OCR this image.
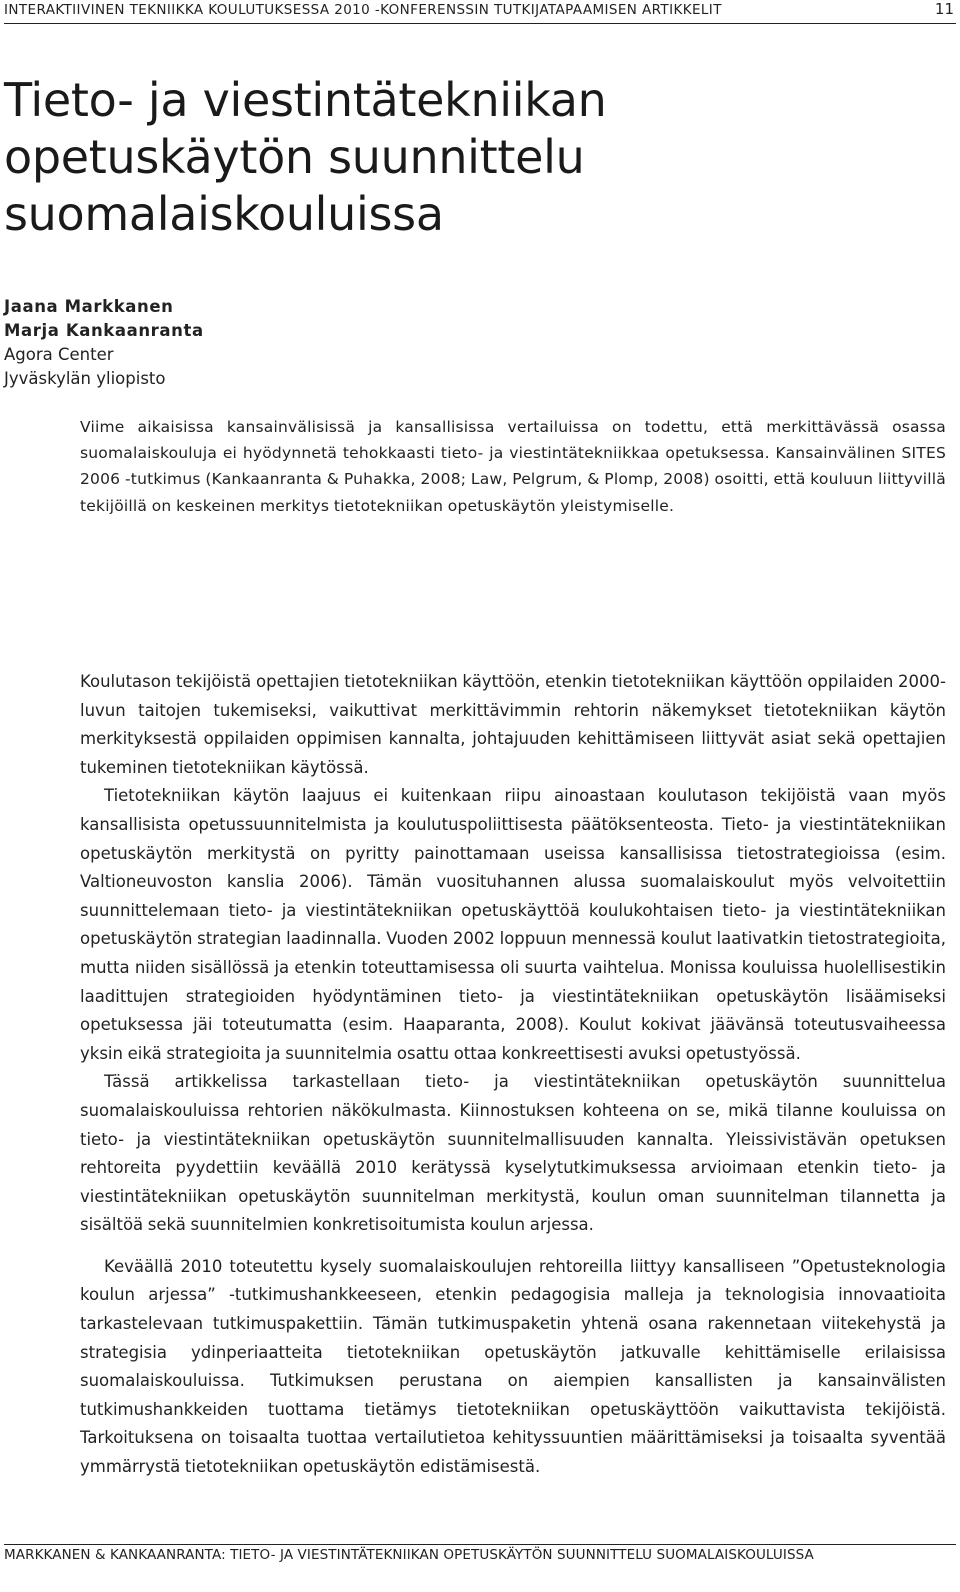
INTERAKTIIVINEN TEKNIIKKA KOULUTUKSESSA 2010 -KONFERENSSIN TUTKIJATAPAAMISEN ARTIKKELIT	11
Tieto- ja viestintätekniikan
opetuskäytön suunnittelu
suomalaiskouluissa
Jaana Markkanen
Marja Kankaanranta
Agora Center
Jyväskylän yliopisto

Viime aikaisissa kansainvälisissä ja kansallisissa vertailuissa on todettu, että merkittävässä osassa suomalaiskouluja ei hyödynnetä tehokkaasti tieto- ja viestintätekniikkaa opetuksessa. Kansainvälinen SITES 2006 -tutkimus (Kankaanranta & Puhakka, 2008; Law, Pelgrum, & Plomp, 2008) osoitti, että kouluun liittyvillä tekijöillä on keskeinen merkitys tietotekniikan opetuskäytön yleistymiselle.

Koulutason tekijöistä opettajien tietotekniikan käyttöön, etenkin tietotekniikan käyttöön oppilaiden 2000-luvun taitojen tukemiseksi, vaikuttivat merkittävimmin rehtorin näkemykset tietotekniikan käytön merkityksestä oppilaiden oppimisen kannalta, johtajuuden kehittämiseen liittyvät asiat sekä opettajien tukeminen tietotekniikan käytössä.

Tietotekniikan käytön laajuus ei kuitenkaan riipu ainoastaan koulutason tekijöistä vaan myös kansallisista opetussuunnitelmista ja koulutuspoliittisesta päätöksenteosta. Tieto- ja viestintätekniikan opetuskäytön merkitystä on pyritty painottamaan useissa kansallisissa tietostrategioissa (esim. Valtioneuvoston kanslia 2006). Tämän vuosituhannen alussa suomalaiskoulut myös velvoitettiin suunnittelemaan tieto- ja viestintätekniikan opetuskäyttöä koulukohtaisen tieto- ja viestintätekniikan opetuskäytön strategian laadinnalla. Vuoden 2002 loppuun mennessä koulut laativatkin tietostrategioita, mutta niiden sisällössä ja etenkin toteuttamisessa oli suurta vaihtelua. Monissa kouluissa huolellisestikin laadittujen strategioiden hyödyntäminen tieto- ja viestintätekniikan opetuskäytön lisäämiseksi opetuksessa jäi toteutumatta (esim. Haaparanta, 2008). Koulut kokivat jäävänsä toteutusvaiheessa yksin eikä strategioita ja suunnitelmia osattu ottaa konkreettisesti avuksi opetustyössä.

Tässä artikkelissa tarkastellaan tieto- ja viestintätekniikan opetuskäytön suunnittelua suomalaiskouluissa rehtorien näkökulmasta. Kiinnostuksen kohteena on se, mikä tilanne kouluissa on tieto- ja viestintätekniikan opetuskäytön suunnitelmallisuuden kannalta. Yleissivistävän opetuksen rehtoreita pyydettiin keväällä 2010 kerätyssä kyselytutkimuksessa arvioimaan etenkin tieto- ja viestintätekniikan opetuskäytön suunnitelman merkitystä, koulun oman suunnitelman tilannetta ja sisältöä sekä suunnitelmien konkretisoitumista koulun arjessa.

Keväällä 2010 toteutettu kysely suomalaiskoulujen rehtoreilla liittyy kansalliseen ”Opetusteknologia koulun arjessa” -tutkimushankkeeseen, etenkin pedagogisia malleja ja teknologisia innovaatioita tarkastelevaan tutkimuspakettiin. Tämän tutkimuspaketin yhtenä osana rakennetaan viitekehystä ja strategisia ydinperiaatteita tietotekniikan opetuskäytön jatkuvalle kehittämiselle erilaisissa suomalaiskouluissa. Tutkimuksen perustana on aiempien kansallisten ja kansainvälisten tutkimushankkeiden tuottama tietämys tietotekniikan opetuskäyttöön vaikuttavista tekijöistä. Tarkoituksena on toisaalta tuottaa vertailutietoa kehityssuuntien määrittämiseksi ja toisaalta syventää ymmärrystä tietotekniikan opetuskäytön edistämisestä.

MARKKANEN & KANKAANRANTA: TIETO- JA VIESTINTÄTEKNIIKAN OPETUSKÄYTÖN SUUNNITTELU SUOMALAISKOULUISSA
